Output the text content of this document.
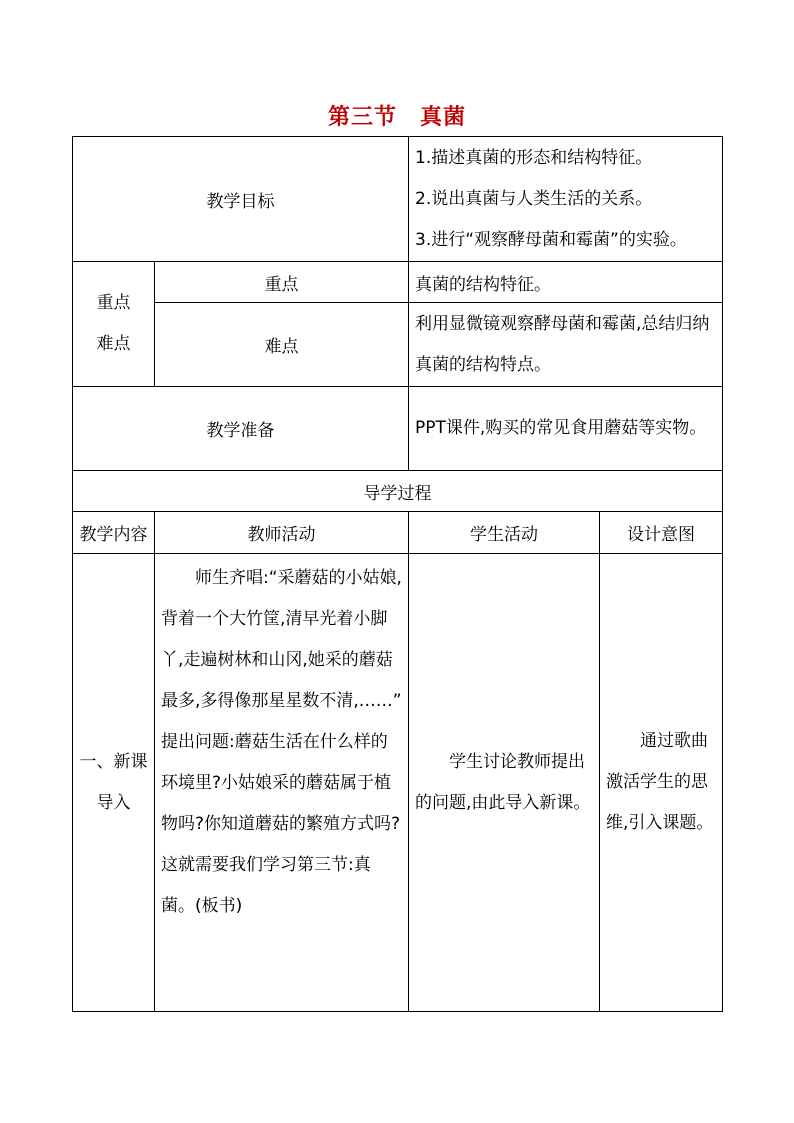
第三节　真菌
教学目标		1.描述真菌的形态和结构特征。
2.说出真菌与人类生活的关系。
3.进行“观察酵母菌和霉菌”的实验。	

重点
难点	重点	真菌的结构特征。	
	难点	利用显微镜观察酵母菌和霉菌,总结归纳真菌的结构特点。	
教学准备		PPT课件,购买的常见食用蘑菇等实物。	
导学过程			
教学内容	教师活动	学生活动	设计意图
一、新课导入	师生齐唱:“采蘑菇的小姑娘,背着一个大竹筐,清早光着小脚丫,走遍树林和山冈,她采的蘑菇最多,多得像那星星数不清,……”
提出问题:蘑菇生活在什么样的环境里?小姑娘采的蘑菇属于植物吗?你知道蘑菇的繁殖方式吗?
这就需要我们学习第三节:真菌。(板书)	学生讨论教师提出的问题,由此导入新课。	通过歌曲激活学生的思维,引入课题。
